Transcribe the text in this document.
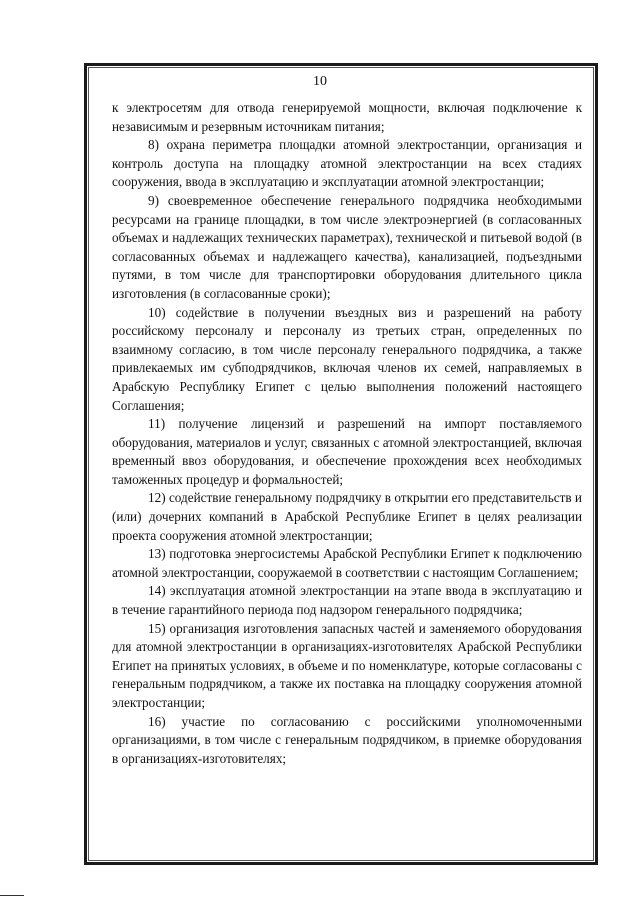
10

к электросетям для отвода генерируемой мощности, включая подключение к независимым и резервным источникам питания;

8) охрана периметра площадки атомной электростанции, организация и контроль доступа на площадку атомной электростанции на всех стадиях сооружения, ввода в эксплуатацию и эксплуатации атомной электростанции;

9) своевременное обеспечение генерального подрядчика необходимыми ресурсами на границе площадки, в том числе электроэнергией (в согласованных объемах и надлежащих технических параметрах), технической и питьевой водой (в согласованных объемах и надлежащего качества), канализацией, подъездными путями, в том числе для транспортировки оборудования длительного цикла изготовления (в согласованные сроки);

10) содействие в получении въездных виз и разрешений на работу российскому персоналу и персоналу из третьих стран, определенных по взаимному согласию, в том числе персоналу генерального подрядчика, а также привлекаемых им субподрядчиков, включая членов их семей, направляемых в Арабскую Республику Египет с целью выполнения положений настоящего Соглашения;

11) получение лицензий и разрешений на импорт поставляемого оборудования, материалов и услуг, связанных с атомной электростанцией, включая временный ввоз оборудования, и обеспечение прохождения всех необходимых таможенных процедур и формальностей;

12) содействие генеральному подрядчику в открытии его представительств и (или) дочерних компаний в Арабской Республике Египет в целях реализации проекта сооружения атомной электростанции;

13) подготовка энергосистемы Арабской Республики Египет к подключению атомной электростанции, сооружаемой в соответствии с настоящим Соглашением;

14) эксплуатация атомной электростанции на этапе ввода в эксплуатацию и в течение гарантийного периода под надзором генерального подрядчика;

15) организация изготовления запасных частей и заменяемого оборудования для атомной электростанции в организациях-изготовителях Арабской Республики Египет на принятых условиях, в объеме и по номенклатуре, которые согласованы с генеральным подрядчиком, а также их поставка на площадку сооружения атомной электростанции;

16) участие по согласованию с российскими уполномоченными организациями, в том числе с генеральным подрядчиком, в приемке оборудования в организациях-изготовителях;
